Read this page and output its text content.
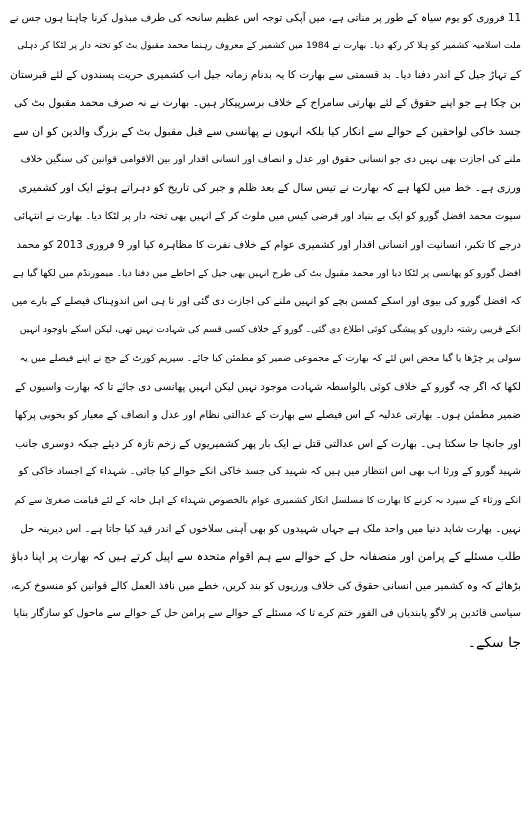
11 فروری کو یوم سیاہ کے طور پر مناتی ہے، میں آپکی توجہ اس عظیم سانحہ کی طرف مبذول کرنا چاہتا ہوں جس نے
ملت اسلامیہ کشمیر کو ہلا کر رکھ دیا۔ بھارت نے 1984 میں کشمیر کے معروف رہنما محمد مقبول بٹ کو تختہ دار پر لٹکا کر دہلی
کے تہاڑ جیل کے اندر دفنا دیا۔ بد قسمتی سے بھارت کا یہ بدنام زمانہ جیل اب کشمیری حریت پسندوں کے لئے قبرستان
بن چکا ہے جو اپنے حقوق کے لئے بھارتی سامراج کے خلاف برسرپیکار ہیں۔ بھارت نے نہ صرف محمد مقبول بٹ کی
جسد خاکی لواحقین کے حوالے سے انکار کیا بلکہ انہوں نے پھانسی سے قبل مقبول بٹ کے بزرگ والدین کو ان سے
ملنے کی اجازت بھی نہیں دی جو انسانی حقوق اور عدل و انصاف اور انسانی اقدار اور بین الاقوامی قوانین کی سنگین خلاف
ورزی ہے۔ خط میں لکھا ہے کہ بھارت نے تیس سال کے بعد ظلم و جبر کی تاریخ کو دہراتے ہوئے ایک اور کشمیری
سپوت محمد افضل گورو کو ایک بے بنیاد اور فرضی کیس میں ملوث کر کے انہیں بھی تختہ دار پر لٹکا دیا۔ بھارت نے انتہائی
درجے کا تکبر، انسانیت اور انسانی اقدار اور کشمیری عوام کے خلاف نفرت کا مظاہرہ کیا اور 9 فروری 2013 کو محمد
افضل گورو کو پھانسی پر لٹکا دیا اور محمد مقبول بٹ کی طرح انہیں بھی جیل کے احاطے میں دفنا دیا۔ میمورنڈم میں لکھا گیا ہے
کہ افضل گورو کی بیوی اور اسکے کمسن بچے کو انہیں ملنے کی اجازت دی گئی اور نا ہی اس اندوہناک فیصلے کے بارے میں
انکے قریبی رشتہ داروں کو پیشگی کوئی اطلاع دی گئی۔ گورو کے خلاف کسی قسم کی شہادت نہیں تھی، لیکن اسکے باوجود انہیں
سولی پر چڑھا یا گیا محض اس لئے کہ بھارت کے مجموعی ضمیر کو مطمئن کیا جائے۔ سپریم کورٹ کے جج نے اپنے فیصلے میں یہ
لکھا کہ اگر چہ گورو کے خلاف کوئی بالواسطہ شہادت موجود نہیں لیکن انہیں پھانسی دی جائے تا کہ بھارت واسیوں کے
ضمیر مطمئن ہوں۔ بھارتی عدلیہ کے اس فیصلے سے بھارت کے عدالتی نظام اور عدل و انصاف کے معیار کو بخوبی پرکھا
اور جانچا جا سکتا ہی۔ بھارت کے اس عدالتی قتل نے ایک بار پھر کشمیریوں کے زخم تازہ کر دیئے جبکہ دوسری جانب
شہید گورو کے ورثا اب بھی اس انتظار میں ہیں کہ شہید کی جسد خاکی انکے حوالے کیا جائی۔ شہداء کے اجساد خاکی کو
انکے ورثاء کے سپرد نہ کرنے کا بھارت کا مسلسل انکار کشمیری عوام بالخصوص شہداء کے اہل خانہ کے لئے قیامت صغریٰ سے کم
نہیں۔ بھارت شاید دنیا میں واحد ملک ہے جہاں شہیدوں کو بھی آہنی سلاخوں کے اندر قید کیا جاتا ہے۔ اس دیرینہ حل
طلب مسئلے کے پرامن اور منصفانہ حل کے حوالے سے ہم اقوام متحدہ سے اپیل کرتے ہیں کہ بھارت پر اپنا دباؤ
بڑھائے کہ وہ کشمیر میں انسانی حقوق کی خلاف ورزیوں کو بند کریں، خطے میں نافذ العمل کالے قوانین کو منسوخ کرے،
سیاسی قائدین پر لاگو پابندیاں فی الفور ختم کرے تا کہ مسئلے کے حوالے سے پرامن حل کے حوالے سے ماحول کو سازگار بنایا
جا سکے۔
